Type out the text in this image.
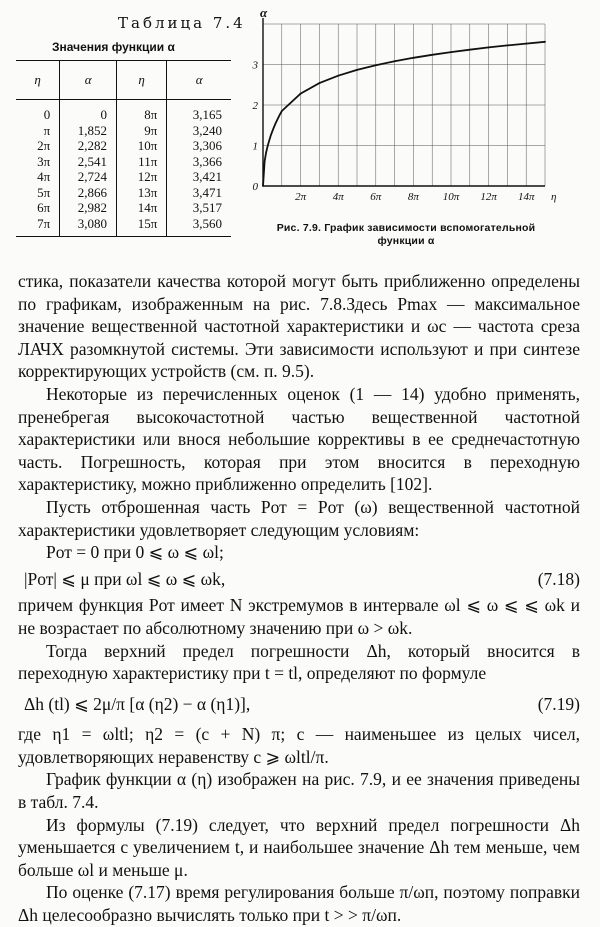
Таблица 7.4
Значения функции α
η	α	η	α
0	0	8π	3,165
π	1,852	9π	3,240
2π	2,282	10π	3,306
3π	2,541	11π	3,366
4π	2,724	12π	3,421
5π	2,866	13π	3,471
6π	2,982	14π	3,517
7π	3,080	15π	3,560
1
2
3
0
2π 4π 6π 8π 10π 12π 14π η
α
Рис. 7.9. График зависимости вспомогательной
функции α

стика, показатели качества которой могут быть приближенно определены по графикам, изображенным на рис. 7.8.Здесь Pmax — максимальное значение вещественной частотной характеристики и ωc — частота среза ЛАЧХ разомкнутой системы. Эти зависимости используют и при синтезе корректирующих устройств (см. п. 9.5).

Некоторые из перечисленных оценок (1 — 14) удобно применять, пренебрегая высокочастотной частью вещественной частотной характеристики или внося небольшие коррективы в ее среднечастотную часть. Погрешность, которая при этом вносится в переходную характеристику, можно приближенно определить [102].

Пусть отброшенная часть Pот = Pот (ω) вещественной частотной характеристики удовлетворяет следующим условиям:

Pот = 0 при 0 ⩽ ω ⩽ ωl;

|Pот| ⩽ μ при ωl ⩽ ω ⩽ ωk,	(7.18)

причем функция Pот имеет N экстремумов в интервале ωl ⩽ ω ⩽ ⩽ ωk и не возрастает по абсолютному значению при ω > ωk.

Тогда верхний предел погрешности Δh, который вносится в переходную характеристику при t = tl, определяют по формуле

Δh (tl) ⩽ 2μ/π [α (η2) − α (η1)],	(7.19)

где η1 = ωltl; η2 = (c + N) π; c — наименьшее из целых чисел, удовлетворяющих неравенству c ⩾ ωltl/π.

График функции α (η) изображен на рис. 7.9, и ее значения приведены в табл. 7.4.

Из формулы (7.19) следует, что верхний предел погрешности Δh уменьшается с увеличением t, и наибольшее значение Δh тем меньше, чем больше ωl и меньше μ.

По оценке (7.17) время регулирования больше π/ωп, поэтому поправки Δh целесообразно вычислять только при t > > π/ωп.
